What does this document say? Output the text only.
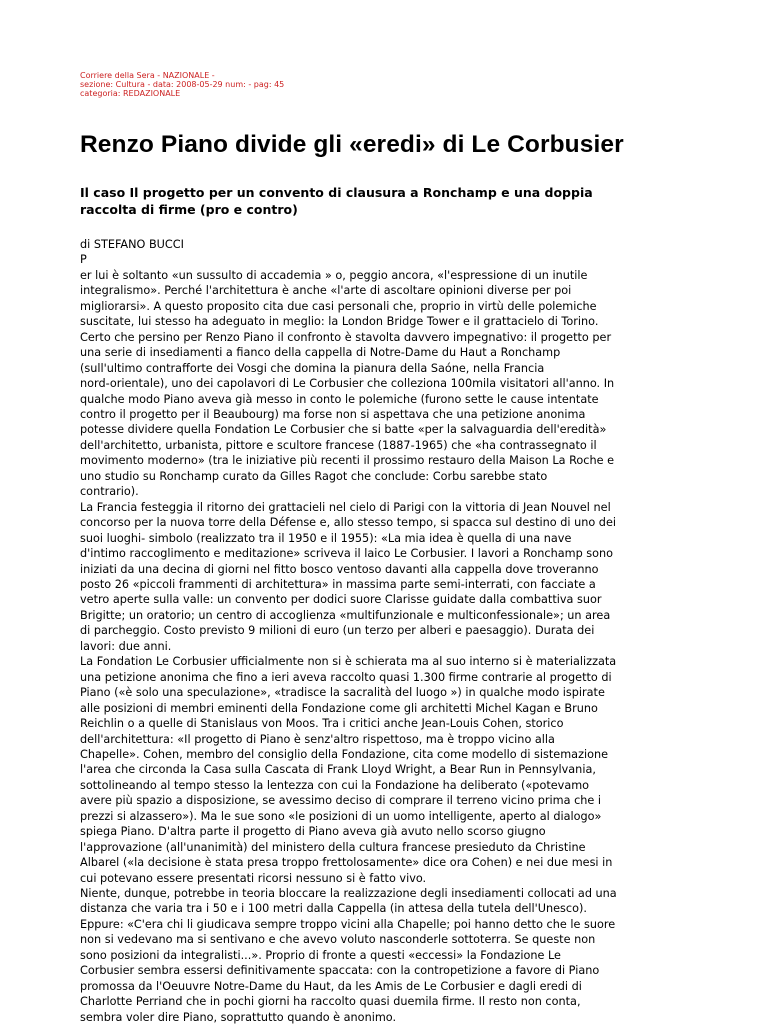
Corriere della Sera - NAZIONALE -
sezione: Cultura - data: 2008-05-29 num: - pag: 45
categoria: REDAZIONALE

Renzo Piano divide gli «eredi» di Le Corbusier
Il caso Il progetto per un convento di clausura a Ronchamp e una doppia
raccolta di firme (pro e contro)
di STEFANO BUCCI
P

er lui è soltanto «un sussulto di accademia » o, peggio ancora, «l'espressione di un inutile
integralismo». Perché l'architettura è anche «l'arte di ascoltare opinioni diverse per poi
migliorarsi». A questo proposito cita due casi personali che, proprio in virtù delle polemiche
suscitate, lui stesso ha adeguato in meglio: la London Bridge Tower e il grattacielo di Torino.
Certo che persino per Renzo Piano il confronto è stavolta davvero impegnativo: il progetto per
una serie di insediamenti a fianco della cappella di Notre-Dame du Haut a Ronchamp
(sull'ultimo contrafforte dei Vosgi che domina la pianura della Saóne, nella Francia
nord-orientale), uno dei capolavori di Le Corbusier che colleziona 100mila visitatori all'anno. In
qualche modo Piano aveva già messo in conto le polemiche (furono sette le cause intentate
contro il progetto per il Beaubourg) ma forse non si aspettava che una petizione anonima
potesse dividere quella Fondation Le Corbusier che si batte «per la salvaguardia dell'eredità»
dell'architetto, urbanista, pittore e scultore francese (1887-1965) che «ha contrassegnato il
movimento moderno» (tra le iniziative più recenti il prossimo restauro della Maison La Roche e
uno studio su Ronchamp curato da Gilles Ragot che conclude: Corbu sarebbe stato
contrario).

La Francia festeggia il ritorno dei grattacieli nel cielo di Parigi con la vittoria di Jean Nouvel nel
concorso per la nuova torre della Défense e, allo stesso tempo, si spacca sul destino di uno dei
suoi luoghi- simbolo (realizzato tra il 1950 e il 1955): «La mia idea è quella di una nave
d'intimo raccoglimento e meditazione» scriveva il laico Le Corbusier. I lavori a Ronchamp sono
iniziati da una decina di giorni nel fitto bosco ventoso davanti alla cappella dove troveranno
posto 26 «piccoli frammenti di architettura» in massima parte semi-interrati, con facciate a
vetro aperte sulla valle: un convento per dodici suore Clarisse guidate dalla combattiva suor
Brigitte; un oratorio; un centro di accoglienza «multifunzionale e multiconfessionale»; un area
di parcheggio. Costo previsto 9 milioni di euro (un terzo per alberi e paesaggio). Durata dei
lavori: due anni.

La Fondation Le Corbusier ufficialmente non si è schierata ma al suo interno si è materializzata
una petizione anonima che fino a ieri aveva raccolto quasi 1.300 firme contrarie al progetto di
Piano («è solo una speculazione», «tradisce la sacralità del luogo ») in qualche modo ispirate
alle posizioni di membri eminenti della Fondazione come gli architetti Michel Kagan e Bruno
Reichlin o a quelle di Stanislaus von Moos. Tra i critici anche Jean-Louis Cohen, storico
dell'architettura: «Il progetto di Piano è senz'altro rispettoso, ma è troppo vicino alla
Chapelle». Cohen, membro del consiglio della Fondazione, cita come modello di sistemazione
l'area che circonda la Casa sulla Cascata di Frank Lloyd Wright, a Bear Run in Pennsylvania,
sottolineando al tempo stesso la lentezza con cui la Fondazione ha deliberato («potevamo
avere più spazio a disposizione, se avessimo deciso di comprare il terreno vicino prima che i
prezzi si alzassero»). Ma le sue sono «le posizioni di un uomo intelligente, aperto al dialogo»
spiega Piano. D'altra parte il progetto di Piano aveva già avuto nello scorso giugno
l'approvazione (all'unanimità) del ministero della cultura francese presieduto da Christine
Albarel («la decisione è stata presa troppo frettolosamente» dice ora Cohen) e nei due mesi in
cui potevano essere presentati ricorsi nessuno si è fatto vivo.

Niente, dunque, potrebbe in teoria bloccare la realizzazione degli insediamenti collocati ad una
distanza che varia tra i 50 e i 100 metri dalla Cappella (in attesa della tutela dell'Unesco).
Eppure: «C'era chi li giudicava sempre troppo vicini alla Chapelle; poi hanno detto che le suore
non si vedevano ma si sentivano e che avevo voluto nasconderle sottoterra. Se queste non
sono posizioni da integralisti...». Proprio di fronte a questi «eccessi» la Fondazione Le
Corbusier sembra essersi definitivamente spaccata: con la contropetizione a favore di Piano
promossa da l'Oeuuvre Notre-Dame du Haut, da les Amis de Le Corbusier e dagli eredi di
Charlotte Perriand che in pochi giorni ha raccolto quasi duemila firme. Il resto non conta,
sembra voler dire Piano, soprattutto quando è anonimo.
